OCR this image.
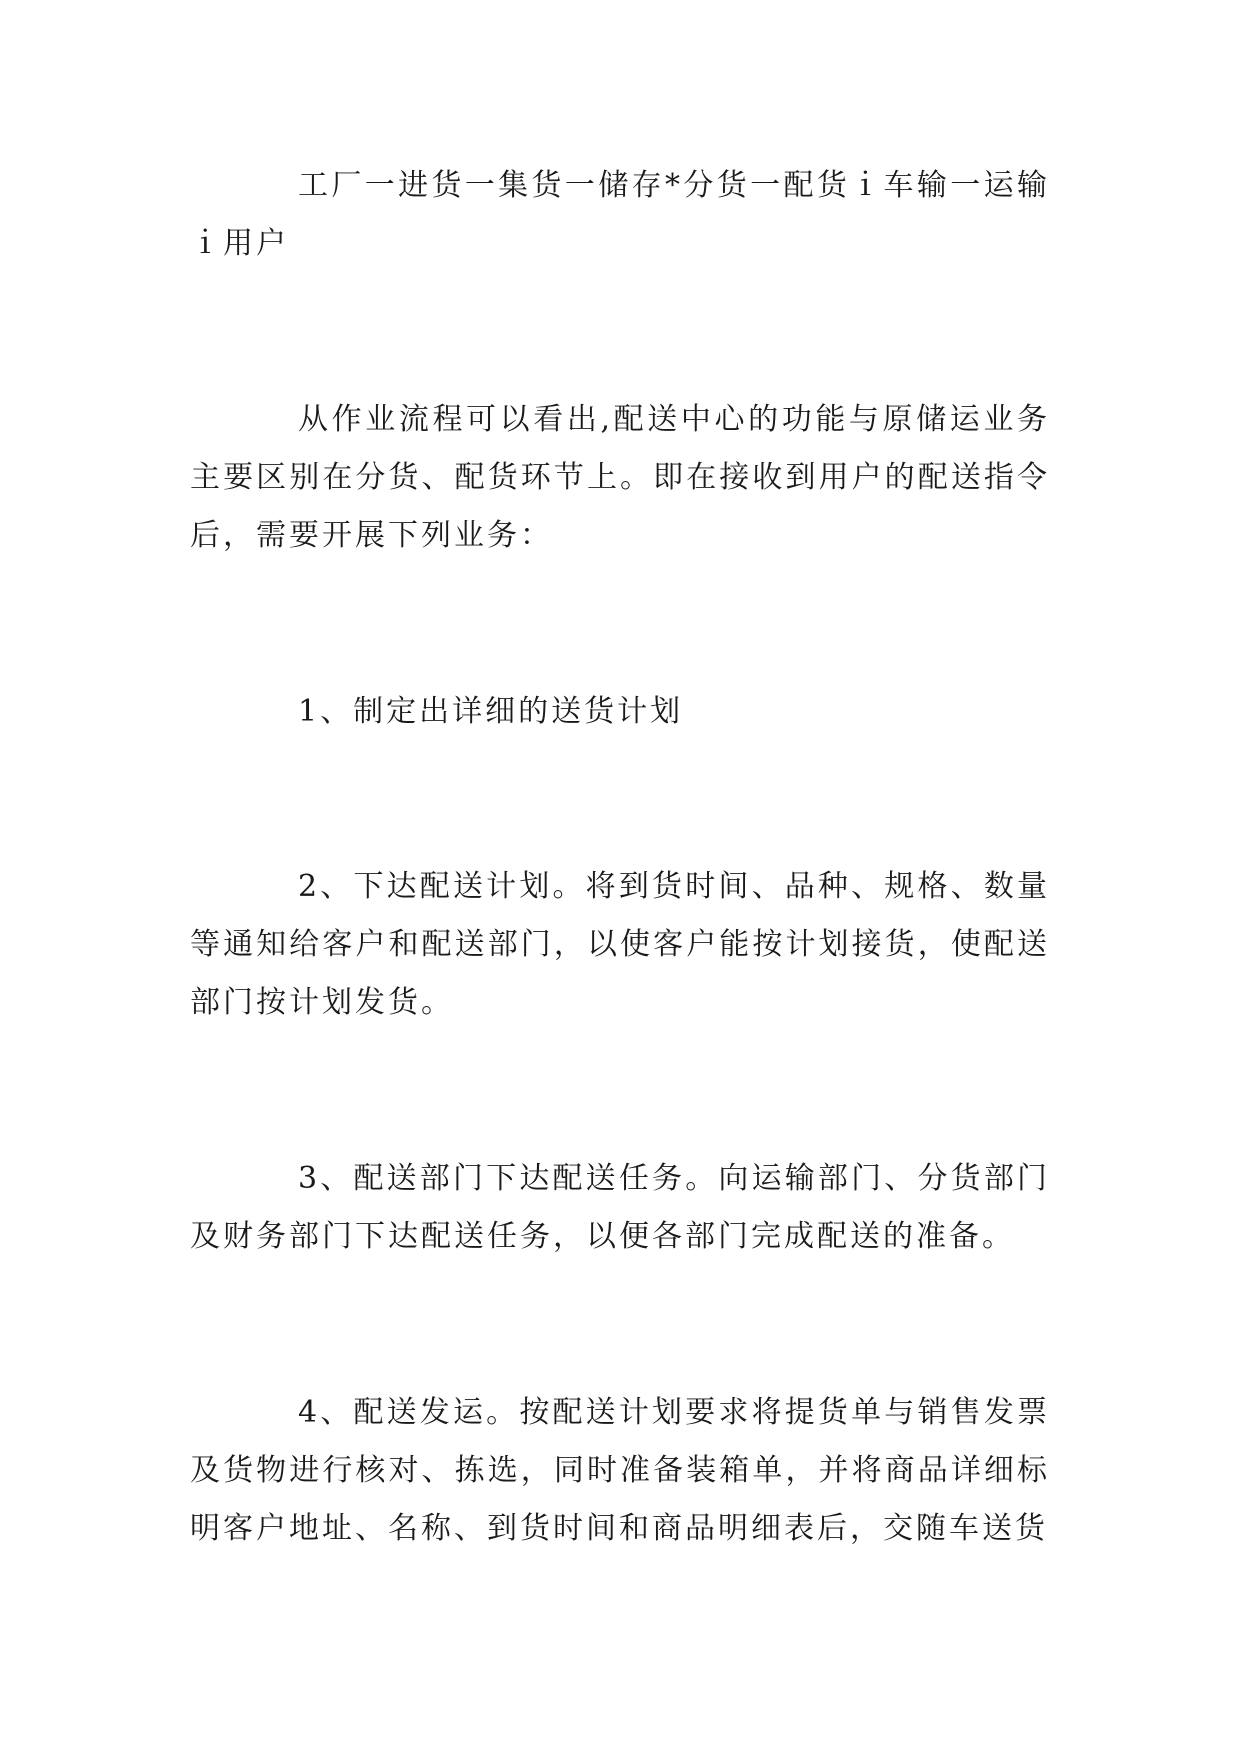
工厂一进货一集货一储存*分货一配货ｉ车输一运输ｉ用户

从作业流程可以看出,配送中心的功能与原储运业务主要区别在分货、配货环节上。即在接收到用户的配送指令后，需要开展下列业务：

1、制定出详细的送货计划

2、下达配送计划。将到货时间、品种、规格、数量等通知给客户和配送部门，以使客户能按计划接货，使配送部门按计划发货。

3、配送部门下达配送任务。向运输部门、分货部门及财务部门下达配送任务，以便各部门完成配送的准备。

4、配送发运。按配送计划要求将提货单与销售发票及货物进行核对、拣选，同时准备装箱单，并将商品详细标明客户地址、名称、到货时间和商品明细表后，交随车送货
